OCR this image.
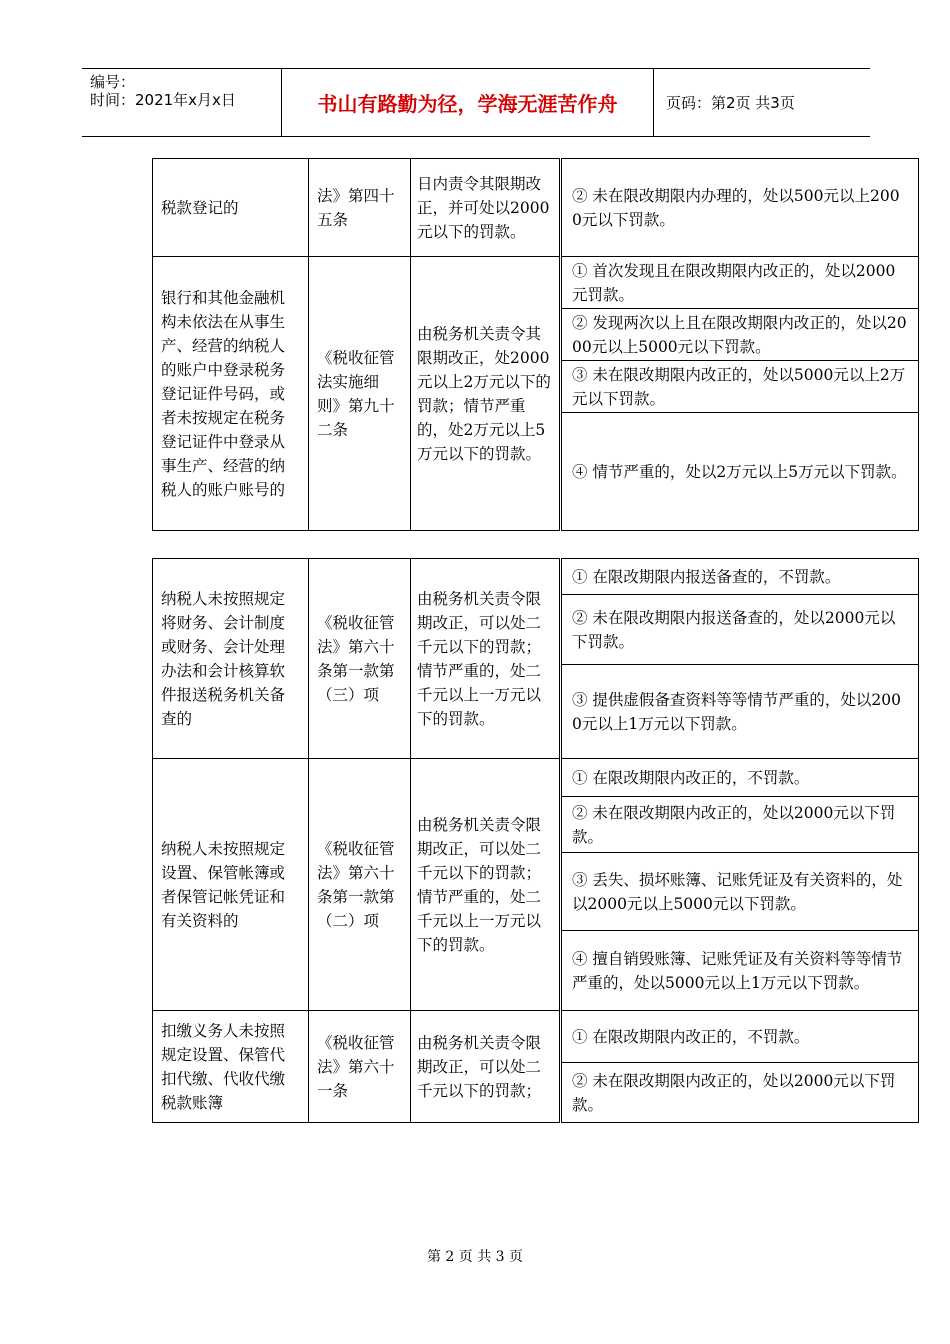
编号：
时间：2021年x月x日	书山有路勤为径，学海无涯苦作舟	页码：第2页 共3页
税款登记的	法》第四十五条	日内责令其限期改正，并可处以2000元以下的罚款。	② 未在限改期限内办理的，处以500元以上2000元以下罚款。
银行和其他金融机构未依法在从事生产、经营的纳税人的账户中登录税务登记证件号码，或者未按规定在税务登记证件中登录从事生产、经营的纳税人的账户账号的	《税收征管法实施细则》第九十二条	由税务机关责令其限期改正，处2000元以上2万元以下的罚款；情节严重的，处2万元以上5万元以下的罚款。	① 首次发现且在限改期限内改正的，处以2000元罚款。
			② 发现两次以上且在限改期限内改正的，处以2000元以上5000元以下罚款。
			③ 未在限改期限内改正的，处以5000元以上2万元以下罚款。
			④ 情节严重的，处以2万元以上5万元以下罚款。
纳税人未按照规定将财务、会计制度或财务、会计处理办法和会计核算软件报送税务机关备查的	《税收征管法》第六十条第一款第（三）项	由税务机关责令限期改正，可以处二千元以下的罚款；情节严重的，处二千元以上一万元以下的罚款。	① 在限改期限内报送备查的，不罚款。
			② 未在限改期限内报送备查的，处以2000元以下罚款。
			③ 提供虚假备查资料等等情节严重的，处以2000元以上1万元以下罚款。
纳税人未按照规定设置、保管帐簿或者保管记帐凭证和有关资料的	《税收征管法》第六十条第一款第（二）项	由税务机关责令限期改正，可以处二千元以下的罚款；情节严重的，处二千元以上一万元以下的罚款。	① 在限改期限内改正的，不罚款。
			② 未在限改期限内改正的，处以2000元以下罚款。
			③ 丢失、损坏账簿、记账凭证及有关资料的，处以2000元以上5000元以下罚款。
			④ 擅自销毁账簿、记账凭证及有关资料等等情节严重的，处以5000元以上1万元以下罚款。
扣缴义务人未按照规定设置、保管代扣代缴、代收代缴税款账簿	《税收征管法》第六十一条	由税务机关责令限期改正，可以处二千元以下的罚款；	① 在限改期限内改正的，不罚款。
			② 未在限改期限内改正的，处以2000元以下罚款。
第 2 页 共 3 页
